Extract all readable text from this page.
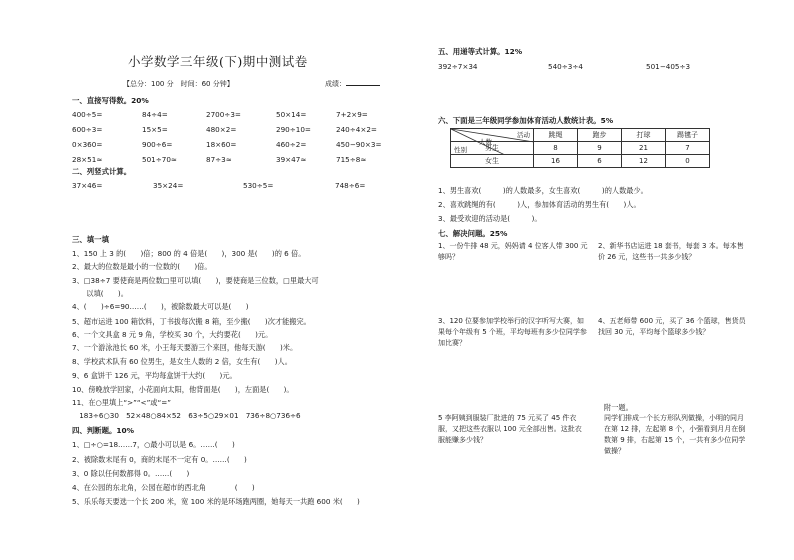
小学数学三年级(下)期中测试卷
【总分：100 分　时间：60 分钟】	成绩：
一、直接写得数。20%
400÷5=	84÷4=	2700÷3=	50×14=	7+2×9=
600÷3=	15×5=	480×2=	290÷10=	240÷4×2=
0×360=	900÷6=	18×60=	460÷2=	450−90×3=
28×51≈	501÷70≈	87÷3≈	39×47≈	715÷8≈
二、列竖式计算。
37×46=	35×24=	530÷5=	748÷6=
三、填一填
1、150 上 3 的(　　)倍；800 的 4 倍是(　　)，300 是(　　)的 6 倍。
2、最大的位数是最小的一位数的(　　)倍。
3、□38÷7 要使商是两位数□里可以填(　　)，要使商是三位数，□里最大可
　　以填(　　)。
4、(　　)÷6=90……(　　)，被除数最大可以是(　　)
5、超市运进 100 箱饮料，丁书拔每次搬 8 箱，至少搬(　　)次才能搬完。
6、一个文具盒 8 元 9 角，学校买 30 个，大约要花(　　)元。
7、一个游泳池长 60 米，小王每天要游三个来回，他每天游(　　)米。
8、学校武术队有 60 位男生，是女生人数的 2 倍，女生有(　　)人。
9、6 盒饼干 126 元，平均每盒饼干大约(　　)元。
10、傍晚放学回家，小花面向太阳，他背面是(　　)，左面是(　　)。
11、在○里填上“>”“<”或“=”
　183÷6○30　52×48○84×52　63÷5○29×01　736÷8○736÷6
四、判断题。10%
1、□÷○=18……7，○最小可以是 6。……(　　)
2、被除数末尾有 0，商的末尾不一定有 0。……(　　)
3、0 除以任何数都得 0。……(　　)
4、在公园的东北角，公园在超市的西北角　　　　(　　)
5、乐乐每天要选一个长 200 米，宽 100 米的是环场跑两圈，她每天一共跑 600 米(　　)
五、用递等式计算。12%
392÷7×34	540÷3÷4	501−405÷3
六、下面是三年级同学参加体育活动人数统计表。5%
活动
人数
性别	跳绳	跑步	打球	踢毽子
男生	8	9	21	7
女生	16	6	12	0
1、男生喜欢(　　　)的人数最多，女生喜欢(　　　)的人数最少。
2、喜欢跳绳的有(　　　)人，参加体育活动的男生有(　　)人。
3、最受欢迎的活动是(　　　)。
七、解决问题。25%
1、一份牛排 48 元，妈妈请 4 位客人带 300 元够吗？
2、新华书店运进 18 套书，每套 3 本。每本售价 26 元，这些书一共多少钱？
3、120 位要参加学校举行的汉字听写大赛，如果每个年级有 5 个班，平均每班有多少位同学参加比赛？
4、五老师带 600 元，买了 36 个篮球，售货员找回 30 元，平均每个篮球多少钱？
5 李阿姨到服装厂批进的 75 元买了 45 件衣服，又把这些衣服以 100 元全部出售。这批衣服能赚多少钱？
附一题。
同学们排成一个长方形队列做操，小明的同月在第 12 排，左起第 8 个，小强看到月月在倒数第 9 排，右起第 15 个，一共有多少位同学做操？
